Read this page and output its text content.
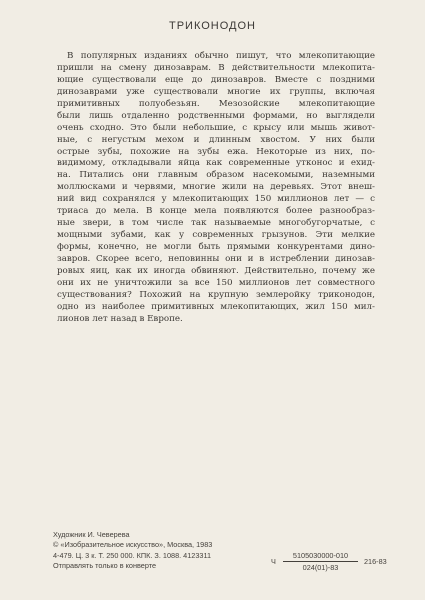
ТРИКОНОДОН
В популярных изданиях обычно пишут, что млекопитающие
пришли на смену динозаврам. В действительности млекопита-
ющие существовали еще до динозавров. Вместе с поздними
динозаврами уже существовали многие их группы, включая
примитивных полуобезьян. Мезозойские млекопитающие
были лишь отдаленно родственными формами, но выглядели
очень сходно. Это были небольшие, с крысу или мышь живот-
ные, с негустым мехом и длинным хвостом. У них были
острые зубы, похожие на зубы ежа. Некоторые из них, по-
видимому, откладывали яйца как современные утконос и ехид-
на. Питались они главным образом насекомыми, наземными
моллюсками и червями, многие жили на деревьях. Этот внеш-
ний вид сохранялся у млекопитающих 150 миллионов лет — с
триаса до мела. В конце мела появляются более разнообраз-
ные звери, в том числе так называемые многобугорчатые, с
мощными зубами, как у современных грызунов. Эти мелкие
формы, конечно, не могли быть прямыми конкурентами дино-
завров. Скорее всего, неповинны они и в истреблении динозав-
ровых яиц, как их иногда обвиняют. Действительно, почему же
они их не уничтожили за все 150 миллионов лет совместного
существования? Похожий на крупную землеройку триконодон,
одно из наиболее примитивных млекопитающих, жил 150 мил-
лионов лет назад в Европе.
Художник И. Чеверева
© «Изобразительное искусство», Москва, 1983
4-479. Ц. 3 к. Т. 250 000. КПК. З. 1088. 4123311
Отправлять только в конверте	Ч $\frac{5105030000-010}{024(01)-83} 216-83$
